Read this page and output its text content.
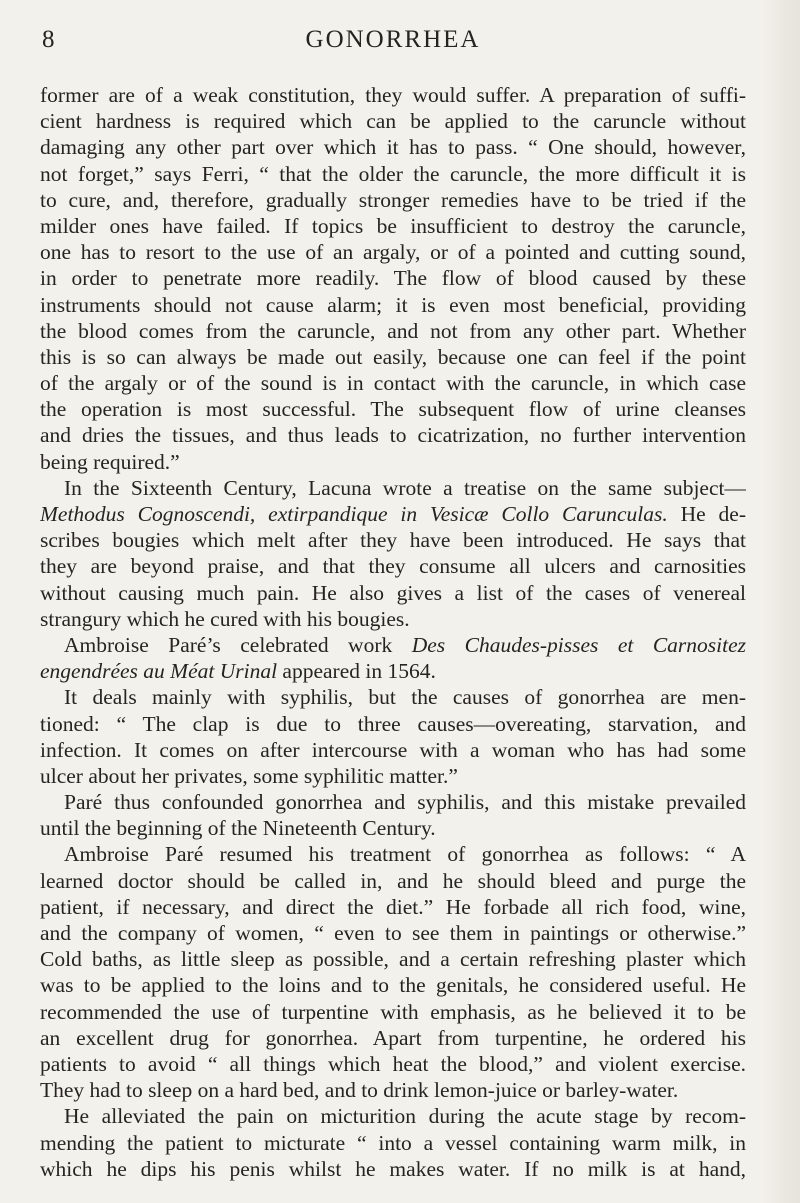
8	GONORRHEA
former are of a weak constitution, they would suffer. A preparation of suffi-
cient hardness is required which can be applied to the caruncle without
damaging any other part over which it has to pass. “ One should, however,
not forget,” says Ferri, “ that the older the caruncle, the more difficult it is
to cure, and, therefore, gradually stronger remedies have to be tried if the
milder ones have failed. If topics be insufficient to destroy the caruncle,
one has to resort to the use of an argaly, or of a pointed and cutting sound,
in order to penetrate more readily. The flow of blood caused by these
instruments should not cause alarm; it is even most beneficial, providing
the blood comes from the caruncle, and not from any other part. Whether
this is so can always be made out easily, because one can feel if the point
of the argaly or of the sound is in contact with the caruncle, in which case
the operation is most successful. The subsequent flow of urine cleanses
and dries the tissues, and thus leads to cicatrization, no further intervention
being required.”
In the Sixteenth Century, Lacuna wrote a treatise on the same subject—
Methodus Cognoscendi, extirpandique in Vesicæ Collo Carunculas. He de-
scribes bougies which melt after they have been introduced. He says that
they are beyond praise, and that they consume all ulcers and carnosities
without causing much pain. He also gives a list of the cases of venereal
strangury which he cured with his bougies.
Ambroise Paré’s celebrated work Des Chaudes-pisses et Carnositez
engendrées au Méat Urinal appeared in 1564.
It deals mainly with syphilis, but the causes of gonorrhea are men-
tioned: “ The clap is due to three causes—overeating, starvation, and
infection. It comes on after intercourse with a woman who has had some
ulcer about her privates, some syphilitic matter.”
Paré thus confounded gonorrhea and syphilis, and this mistake prevailed
until the beginning of the Nineteenth Century.
Ambroise Paré resumed his treatment of gonorrhea as follows: “ A
learned doctor should be called in, and he should bleed and purge the
patient, if necessary, and direct the diet.” He forbade all rich food, wine,
and the company of women, “ even to see them in paintings or otherwise.”
Cold baths, as little sleep as possible, and a certain refreshing plaster which
was to be applied to the loins and to the genitals, he considered useful. He
recommended the use of turpentine with emphasis, as he believed it to be
an excellent drug for gonorrhea. Apart from turpentine, he ordered his
patients to avoid “ all things which heat the blood,” and violent exercise.
They had to sleep on a hard bed, and to drink lemon-juice or barley-water.
He alleviated the pain on micturition during the acute stage by recom-
mending the patient to micturate “ into a vessel containing warm milk, in
which he dips his penis whilst he makes water. If no milk is at hand,
